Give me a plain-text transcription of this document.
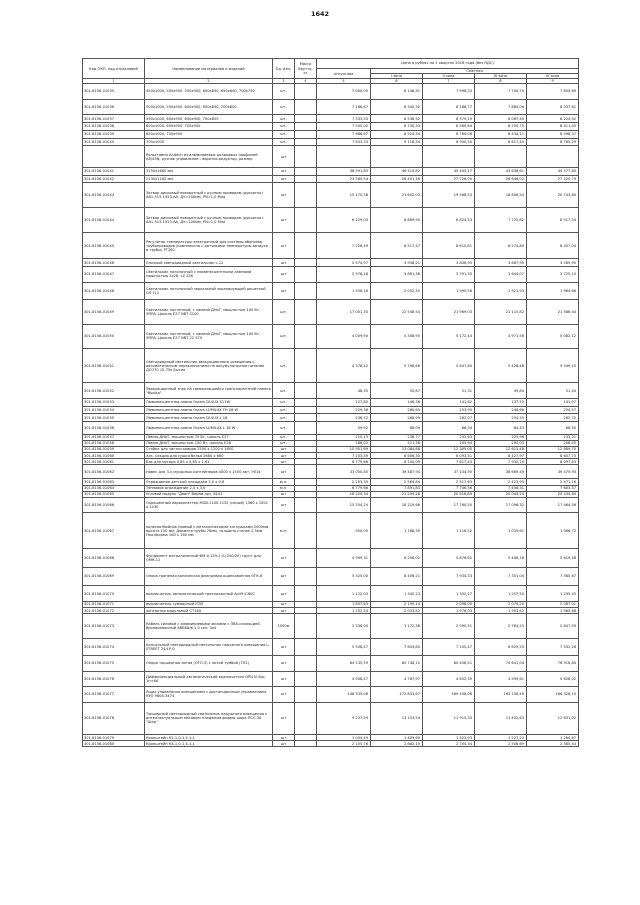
1642
Код ОКП, код отраслевой	Наименование материалов и изделий	Ед. изм.	Масса брутто, кг	Цена в рублях на 1 квартал 2016 года (без НДС)				
				отпускная	Сметная			
					I зона	II зона	III зона	IV зона
1	2	3	4	5	6	7	8	9
301-8156-01035	450х1000, 500х950, 550х900, 600х850, 650х800, 700х750	шт.		7 000,00	8 148,31	7 998,33	7 700,70	7 850,69
301-8156-01036	500х1000, 550х950, 600х900, 650х850, 700х800	шт.		7 166,67	8 342,32	8 188,77	7 884,06	8 037,61
301-8156-01037	550х1000, 600х950, 650х900, 700х850	шт.		7 333,33	8 536,32	8 379,19	8 067,40	8 224,52
301-8156-01038	600х1000, 650х950, 700х900	шт.		7 500,00	8 730,33	8 569,64	8 250,75	8 411,45
301-8156-01039	650х1000, 700х950	шт.		7 666,67	8 924,34	8 760,06	8 434,11	8 598,37
301-8156-01040	700х1000	шт.		7 833,33	9 118,34	8 950,50	8 617,45	8 785,29
	Рольставни Alutech из алюминиевых роликовых профилей AR/45N, ручное управление - воротко-редуктор, размер	шт						
301-8156-01041	3150х1680 мм	шт		38 591,85	46 510,82	45 405,17	43 636,61	44 577,85
301-8156-01042	2130х1182 мм	шт		23 565,54	28 401,16	27 726,00	26 646,02	27 220,79
301-8156-01043	Затвор дисковый поворотный с ручным приводом (рукоятка) АА1-515-1523-АА, ДУ=200мм, PN=1,0 Мпа	шт		15 170,38	21 602,03	19 568,53	18 806,54	20 743,80
301-8156-01044	Затвор дисковый поворотный с ручным приводом (рукоятка) АА1-515-1523-АА, ДУ=100мм, PN=1,0 Мпа	шт		6 229,03	6 869,90	6 824,53	7 722,82	8 517,54
301-8156-01045	Регулятор температуры электронный для системы обогрева трубопроводов (комплексно с датчиками температуры воздуха и трубы) РТ260	шт		7 226,49	8 517,47	8 610,81	8 274,89	8 457,04
301-8156-01046	Уличный светодиодный светильник L-12	шт		2 974,97	3 938,21	3 836,95	3 687,95	3 769,95
301-8156-01047	Светильник потолочный с люминесцентными лампами мощностью 2х28, LZ 228	шт		2 978,18	3 881,36	3 791,30	3 644,07	3 725,10
301-8156-01048	Светильник потолочный зеркальной экранирующей решеткой OS 111	шт		1 558,16	2 052,35	1 990,58	1 921,93	1 964,66
301-8156-01049	Светильник настенный, с лампой ДНаТ, мощностью 100 Вт, ЭПРА. Цоколь Е27 NBT S100	шт.		17 001,35	22 548,54	21 969,03	21 115,82	21 586,44
301-8156-01050	Светильник настенный, с лампой ДНаТ, мощностью 100 Вт, ЭПРА. Цоколь Е27 NBT 22 S70	шт.		4 009,90	5 308,95	5 172,44	4 971,56	5 082,12
301-8156-01051	Светодиодный светильник эвакуационного освещения с автоматическим переключением на аккумуляторное питание ДСО70 12-75s Бытия	шт.		4 378,42	5 796,66	5 647,80	5 428,48	5 549,15
301-8156-01052	Эвакуационный знак на самоклеющейся транспарантной пленке "Выход"	шт.		48,35	52,67	51,31	49,84	51,44
301-8156-01053	Люминесцентная лампа Osram DULUX S11W	шт.		127,82	146,36	141,62	137,55	141,97
301-8156-01054	Люминесцентная лампа Osram LUMILUX FH 28 W	шт.		229,38	260,65	253,95	246,66	254,57
301-8156-01055	Люминесцентная лампа Osram DULUX L 18	шт.		236,72	268,99	262,07	254,55	262,72
301-8156-01056	Люминесцентная лампа Osram LUMILUX L 18 W	шт.		59,92	68,09	66,34	64,43	66,50
301-8156-01057	Лампа ДНаТ, мощностью 70 Вт, цоколь Е27	шт.		210,13	238,77	232,63	225,96	233,21
301-8156-01058	Лампа ДНаТ, мощностью 100 Вт, цоколь Е28	шт.		186,02	211,38	205,94	200,03	206,45
301-8156-01059	Стойка для чистки ковров 2500 х 1200 х 1800	шт		10 951,69	13 084,68	12 305,00	12 613,48	12 889,70
301-8156-01060	Хоз. Секция для сушки белья 2680 х 660	шт		7 203,39	8 606,35	8 093,51	8 427,97	8 607,73
301-8156-01061	Бак для мусора 0,85 х 0,65 х 1,61	шт		6 779,66	8 100,09	7 617,43	7 932,20	8 097,63
301-8156-01062	Навес для 3-х мусорных контейнеров 4500 х 1500 арт. 9014	шт		33 050,85	39 487,94	37 134,95	38 669,49	39 475,93
301-8156-01063	Ограждение детской площадки 2,0 х 0,8	м.п.		2 203,39	2 564,84	2 517,63	2 423,95	2 471,16
301-8156-01064	Тепловое ограждение 2,5 х 3,0	м.п.		6 779,66	7 891,83	7 746,56	7 458,31	7 603,57
301-8156-01065	Угловой модуль "Двип" Верам арт. 8101	шт		18 220,34	21 209,28	20 818,89	20 044,20	20 434,60
301-8156-01066	Окрашенный еврокелеттер MGB-1100.1132 (серый) 1360 х 1001 х 1430	шт		15 254,24	18 219,66	17 760,50	17 096,32	17 464,56
301-8156-01067	колесоотбойник прямой с металлическими заглушками 2000мм, высота 150 мм, Диаметр трубы 76мм, толщина стенок 2,5мм Платформа 160 х 160 мм	м.п.		950,00	1 168,39	1 116,52	1 035,61	1 066,72
301-8156-01068	Фундамент металлический ФМ-0,159-2,5-(200/20) грунт для ОМК-12	шт		4 999,31	6 206,02	5 876,62	5 408,18	5 619,58
301-8156-01069	Опора граненая коническая фланцевая оцинкованная ОГК-6	шт		5 325,00	8 456,21	7 934,33	7 351,04	7 585,67
301-8156-01070	выключатель автоматический трехполюсный Acti9 iC60C	шт		1 122,03	1 340,23	1 302,27	1 257,50	1 295,45
301-8156-01071	выключатель суммарный iC50	шт		1 807,63	2 159,14	2 098,00	2 074,20	2 087,01
301-8156-01072	контактор модульный CT16A	шт		1 702,54	2 033,62	1 976,03	1 953,62	1 965,68
301-8156-01073	Кабель силовой с алюминиевыми жилами с ПВХ-изоляцией, бронированный АВБбШв-1,0 сеч. 3х4	1000м		2 536,00	3 172,36	2 990,51	2 764,53	2 847,59
301-8156-01074	Консольный светодиодный светильник наружного освещения L- STREET 24/LP-Q	шт		5 508,47	7 643,85	7 105,47	6 629,55	7 532,28
301-8156-01075	Опора торшерная литая (ОТЛ-5) с литой тумбой (ТЛ2)	шт		64 135,59	85 748,10	80 456,21	74 641,04	76 916,84
301-8156-01076	Дифференциальный автоматический выключатель DPN N Vigi, 1н+6А	шт		4 008,47	4 787,97	4 652,39	4 599,61	4 628,02
301-8156-01077	Ящик управления освещением с дистанционным управлением ЯУО 9604-3474	шт		148 335,08	172 833,67	169 458,06	163 156,49	166 328,10
301-8156-01078	Торшерный светодиодный светильник наружного освещения с интеллектуальным матовым плафоном формы шара ПСС-30 "Шар"	шт		9 237,29	13 153,54	11 915,33	11 452,63	12 631,02
301-8156-01079	Кронштейн К2-1,0-1,5-1-1	шт		1 054,49	1 409,60	1 322,93	1 227,22	1 264,67
301-8156-01080	Кронштейн К4-1,0-1,5-1-1	шт		2 155,76	2 882,15	2 704,34	2 508,69	2 585,44
